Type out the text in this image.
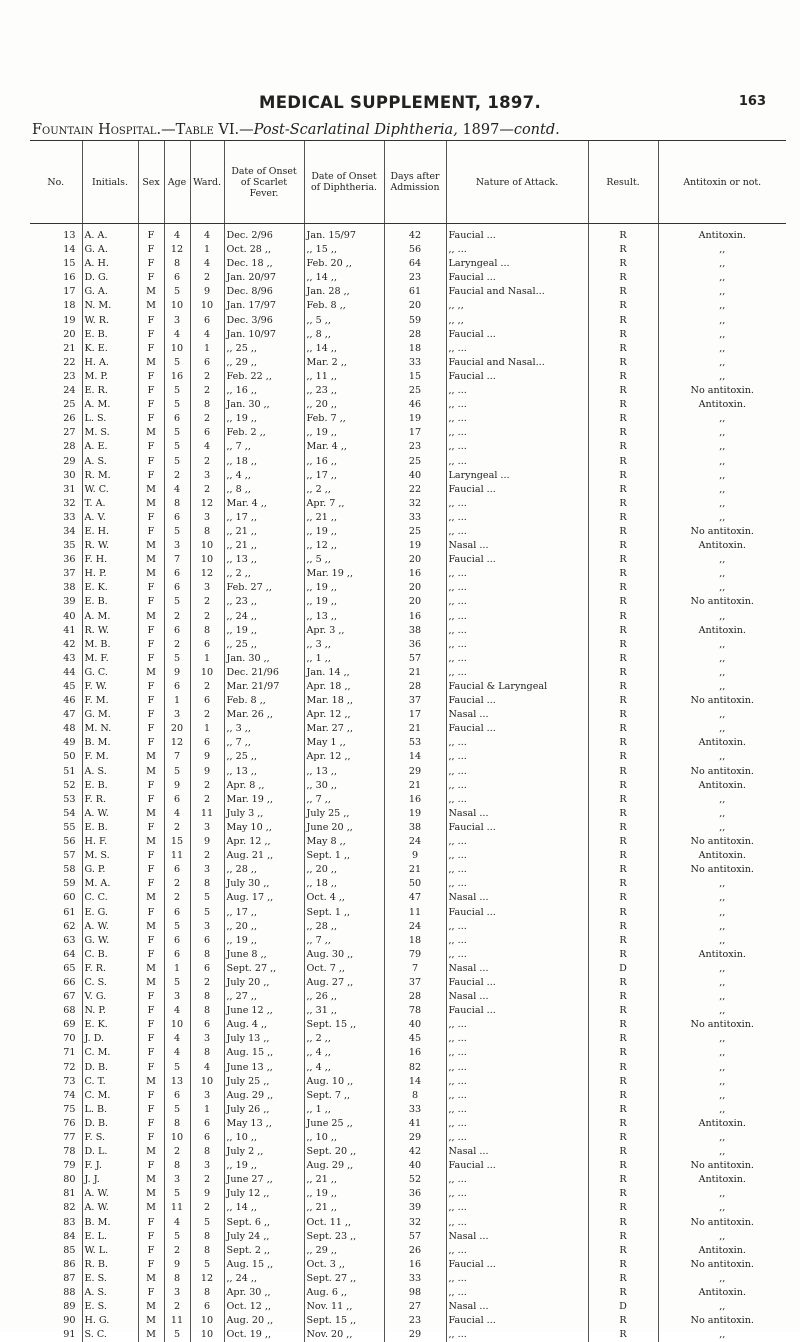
MEDICAL SUPPLEMENT, 1897.	163
Fountain Hospital.—Table VI.—Post-Scarlatinal Diphtheria, 1897—contd.
No.	Initials.	Sex	Age	Ward.	Date of Onset of Scarlet Fever.	Date of Onset of Diphtheria.	Days after Admission	Nature of Attack.	Result.	Antitoxin or not.
13	A. A.	F	4	4	Dec. 2/96	Jan. 15/97	42	Faucial ...	R	Antitoxin.
14	G. A.	F	12	1	Oct. 28 ,,	,, 15 ,,	56	,, ...	R	,,
15	A. H.	F	8	4	Dec. 18 ,,	Feb. 20 ,,	64	Laryngeal ...	R	,,
16	D. G.	F	6	2	Jan. 20/97	,, 14 ,,	23	Faucial ...	R	,,
17	G. A.	M	5	9	Dec. 8/96	Jan. 28 ,,	61	Faucial and Nasal...	R	,,
18	N. M.	M	10	10	Jan. 17/97	Feb. 8 ,,	20	,, ,,	R	,,
19	W. R.	F	3	6	Dec. 3/96	,, 5 ,,	59	,, ,,	R	,,
20	E. B.	F	4	4	Jan. 10/97	,, 8 ,,	28	Faucial ...	R	,,
21	K. E.	F	10	1	,, 25 ,,	,, 14 ,,	18	,, ...	R	,,
22	H. A.	M	5	6	,, 29 ,,	Mar. 2 ,,	33	Faucial and Nasal...	R	,,
23	M. P.	F	16	2	Feb. 22 ,,	,, 11 ,,	15	Faucial ...	R	,,
24	E. R.	F	5	2	,, 16 ,,	,, 23 ,,	25	,, ...	R	No antitoxin.
25	A. M.	F	5	8	Jan. 30 ,,	,, 20 ,,	46	,, ...	R	Antitoxin.
26	L. S.	F	6	2	,, 19 ,,	Feb. 7 ,,	19	,, ...	R	,,
27	M. S.	M	5	6	Feb. 2 ,,	,, 19 ,,	17	,, ...	R	,,
28	A. E.	F	5	4	,, 7 ,,	Mar. 4 ,,	23	,, ...	R	,,
29	A. S.	F	5	2	,, 18 ,,	,, 16 ,,	25	,, ...	R	,,
30	R. M.	F	2	3	,, 4 ,,	,, 17 ,,	40	Laryngeal ...	R	,,
31	W. C.	M	4	2	,, 8 ,,	,, 2 ,,	22	Faucial ...	R	,,
32	T. A.	M	8	12	Mar. 4 ,,	Apr. 7 ,,	32	,, ...	R	,,
33	A. V.	F	6	3	,, 17 ,,	,, 21 ,,	33	,, ...	R	,,
34	E. H.	F	5	8	,, 21 ,,	,, 19 ,,	25	,, ...	R	No antitoxin.
35	R. W.	M	3	10	,, 21 ,,	,, 12 ,,	19	Nasal ...	R	Antitoxin.
36	F. H.	M	7	10	,, 13 ,,	,, 5 ,,	20	Faucial ...	R	,,
37	H. P.	M	6	12	,, 2 ,,	Mar. 19 ,,	16	,, ...	R	,,
38	E. K.	F	6	3	Feb. 27 ,,	,, 19 ,,	20	,, ...	R	,,
39	E. B.	F	5	2	,, 23 ,,	,, 19 ,,	20	,, ...	R	No antitoxin.
40	A. M.	M	2	2	,, 24 ,,	,, 13 ,,	16	,, ...	R	,,
41	R. W.	F	6	8	,, 19 ,,	Apr. 3 ,,	38	,, ...	R	Antitoxin.
42	M. B.	F	2	6	,, 25 ,,	,, 3 ,,	36	,, ...	R	,,
43	M. F.	F	5	1	Jan. 30 ,,	,, 1 ,,	57	,, ...	R	,,
44	G. C.	M	9	10	Dec. 21/96	Jan. 14 ,,	21	,, ...	R	,,
45	F. W.	F	6	2	Mar. 21/97	Apr. 18 ,,	28	Faucial & Laryngeal	R	,,
46	F. M.	F	1	6	Feb. 8 ,,	Mar. 18 ,,	37	Faucial ...	R	No antitoxin.
47	G. M.	F	3	2	Mar. 26 ,,	Apr. 12 ,,	17	Nasal ...	R	,,
48	M. N.	F	20	1	,, 3 ,,	Mar. 27 ,,	21	Faucial ...	R	,,
49	B. M.	F	12	6	,, 7 ,,	May 1 ,,	53	,, ...	R	Antitoxin.
50	F. M.	M	7	9	,, 25 ,,	Apr. 12 ,,	14	,, ...	R	,,
51	A. S.	M	5	9	,, 13 ,,	,, 13 ,,	29	,, ...	R	No antitoxin.
52	E. B.	F	9	2	Apr. 8 ,,	,, 30 ,,	21	,, ...	R	Antitoxin.
53	F. R.	F	6	2	Mar. 19 ,,	,, 7 ,,	16	,, ...	R	,,
54	A. W.	M	4	11	July 3 ,,	July 25 ,,	19	Nasal ...	R	,,
55	E. B.	F	2	3	May 10 ,,	June 20 ,,	38	Faucial ...	R	,,
56	H. F.	M	15	9	Apr. 12 ,,	May 8 ,,	24	,, ...	R	No antitoxin.
57	M. S.	F	11	2	Aug. 21 ,,	Sept. 1 ,,	9	,, ...	R	Antitoxin.
58	G. P.	F	6	3	,, 28 ,,	,, 20 ,,	21	,, ...	R	No antitoxin.
59	M. A.	F	2	8	July 30 ,,	,, 18 ,,	50	,, ...	R	,,
60	C. C.	M	2	5	Aug. 17 ,,	Oct. 4 ,,	47	Nasal ...	R	,,
61	E. G.	F	6	5	,, 17 ,,	Sept. 1 ,,	11	Faucial ...	R	,,
62	A. W.	M	5	3	,, 20 ,,	,, 28 ,,	24	,, ...	R	,,
63	G. W.	F	6	6	,, 19 ,,	,, 7 ,,	18	,, ...	R	,,
64	C. B.	F	6	8	June 8 ,,	Aug. 30 ,,	79	,, ...	R	Antitoxin.
65	F. R.	M	1	6	Sept. 27 ,,	Oct. 7 ,,	7	Nasal ...	D	,,
66	C. S.	M	5	2	July 20 ,,	Aug. 27 ,,	37	Faucial ...	R	,,
67	V. G.	F	3	8	,, 27 ,,	,, 26 ,,	28	Nasal ...	R	,,
68	N. P.	F	4	8	June 12 ,,	,, 31 ,,	78	Faucial ...	R	,,
69	E. K.	F	10	6	Aug. 4 ,,	Sept. 15 ,,	40	,, ...	R	No antitoxin.
70	J. D.	F	4	3	July 13 ,,	,, 2 ,,	45	,, ...	R	,,
71	C. M.	F	4	8	Aug. 15 ,,	,, 4 ,,	16	,, ...	R	,,
72	D. B.	F	5	4	June 13 ,,	,, 4 ,,	82	,, ...	R	,,
73	C. T.	M	13	10	July 25 ,,	Aug. 10 ,,	14	,, ...	R	,,
74	C. M.	F	6	3	Aug. 29 ,,	Sept. 7 ,,	8	,, ...	R	,,
75	L. B.	F	5	1	July 26 ,,	,, 1 ,,	33	,, ...	R	,,
76	D. B.	F	8	6	May 13 ,,	June 25 ,,	41	,, ...	R	Antitoxin.
77	F. S.	F	10	6	,, 10 ,,	,, 10 ,,	29	,, ...	R	,,
78	D. L.	M	2	8	July 2 ,,	Sept. 20 ,,	42	Nasal ...	R	,,
79	F. J.	F	8	3	,, 19 ,,	Aug. 29 ,,	40	Faucial ...	R	No antitoxin.
80	J. J.	M	3	2	June 27 ,,	,, 21 ,,	52	,, ...	R	Antitoxin.
81	A. W.	M	5	9	July 12 ,,	,, 19 ,,	36	,, ...	R	,,
82	A. W.	M	11	2	,, 14 ,,	,, 21 ,,	39	,, ...	R	,,
83	B. M.	F	4	5	Sept. 6 ,,	Oct. 11 ,,	32	,, ...	R	No antitoxin.
84	E. L.	F	5	8	July 24 ,,	Sept. 23 ,,	57	Nasal ...	R	,,
85	W. L.	F	2	8	Sept. 2 ,,	,, 29 ,,	26	,, ...	R	Antitoxin.
86	R. B.	F	9	5	Aug. 15 ,,	Oct. 3 ,,	16	Faucial ...	R	No antitoxin.
87	E. S.	M	8	12	,, 24 ,,	Sept. 27 ,,	33	,, ...	R	,,
88	A. S.	F	3	8	Apr. 30 ,,	Aug. 6 ,,	98	,, ...	R	Antitoxin.
89	E. S.	M	2	6	Oct. 12 ,,	Nov. 11 ,,	27	Nasal ...	D	,,
90	H. G.	M	11	10	Aug. 20 ,,	Sept. 15 ,,	23	Faucial ...	R	No antitoxin.
91	S. C.	M	5	10	Oct. 19 ,,	Nov. 20 ,,	29	,, ...	R	,,
